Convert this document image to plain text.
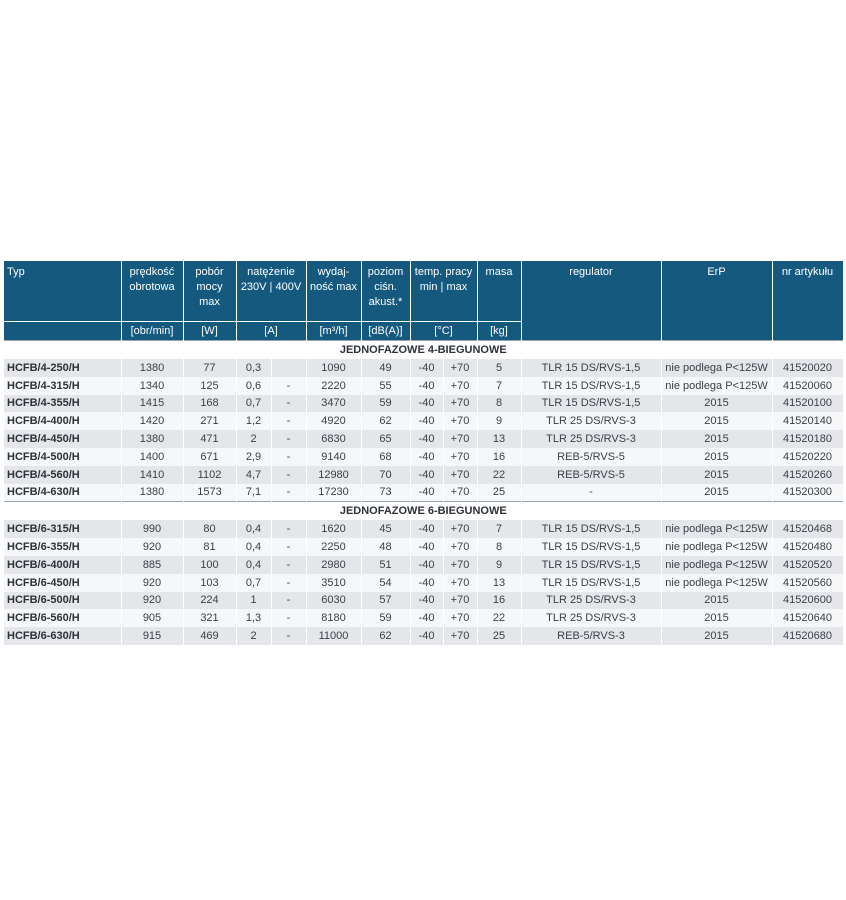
Typ	prędkość obrotowa	pobór mocy max	natężenie 230V | 400V		wydaj-ność max	poziom ciśn. akust.*	temp. pracy min | max		masa	regulator	ErP	nr artykułu
	[obr/min]	[W]	[A]		[m³/h]	[dB(A)]	[°C]		[kg]			
JEDNOFAZOWE 4-BIEGUNOWE												
HCFB/4-250/H	1380	77	0,3		1090	49	-40	+70	5	TLR 15 DS/RVS-1,5	nie podlega P<125W	41520020
HCFB/4-315/H	1340	125	0,6	-	2220	55	-40	+70	7	TLR 15 DS/RVS-1,5	nie podlega P<125W	41520060
HCFB/4-355/H	1415	168	0,7	-	3470	59	-40	+70	8	TLR 15 DS/RVS-1,5	2015	41520100
HCFB/4-400/H	1420	271	1,2	-	4920	62	-40	+70	9	TLR 25 DS/RVS-3	2015	41520140
HCFB/4-450/H	1380	471	2	-	6830	65	-40	+70	13	TLR 25 DS/RVS-3	2015	41520180
HCFB/4-500/H	1400	671	2,9	-	9140	68	-40	+70	16	REB-5/RVS-5	2015	41520220
HCFB/4-560/H	1410	1102	4,7	-	12980	70	-40	+70	22	REB-5/RVS-5	2015	41520260
HCFB/4-630/H	1380	1573	7,1	-	17230	73	-40	+70	25	-	2015	41520300
JEDNOFAZOWE 6-BIEGUNOWE												
HCFB/6-315/H	990	80	0,4	-	1620	45	-40	+70	7	TLR 15 DS/RVS-1,5	nie podlega P<125W	41520468
HCFB/6-355/H	920	81	0,4	-	2250	48	-40	+70	8	TLR 15 DS/RVS-1,5	nie podlega P<125W	41520480
HCFB/6-400/H	885	100	0,4	-	2980	51	-40	+70	9	TLR 15 DS/RVS-1,5	nie podlega P<125W	41520520
HCFB/6-450/H	920	103	0,7	-	3510	54	-40	+70	13	TLR 15 DS/RVS-1,5	nie podlega P<125W	41520560
HCFB/6-500/H	920	224	1	-	6030	57	-40	+70	16	TLR 25 DS/RVS-3	2015	41520600
HCFB/6-560/H	905	321	1,3	-	8180	59	-40	+70	22	TLR 25 DS/RVS-3	2015	41520640
HCFB/6-630/H	915	469	2	-	11000	62	-40	+70	25	REB-5/RVS-3	2015	41520680
